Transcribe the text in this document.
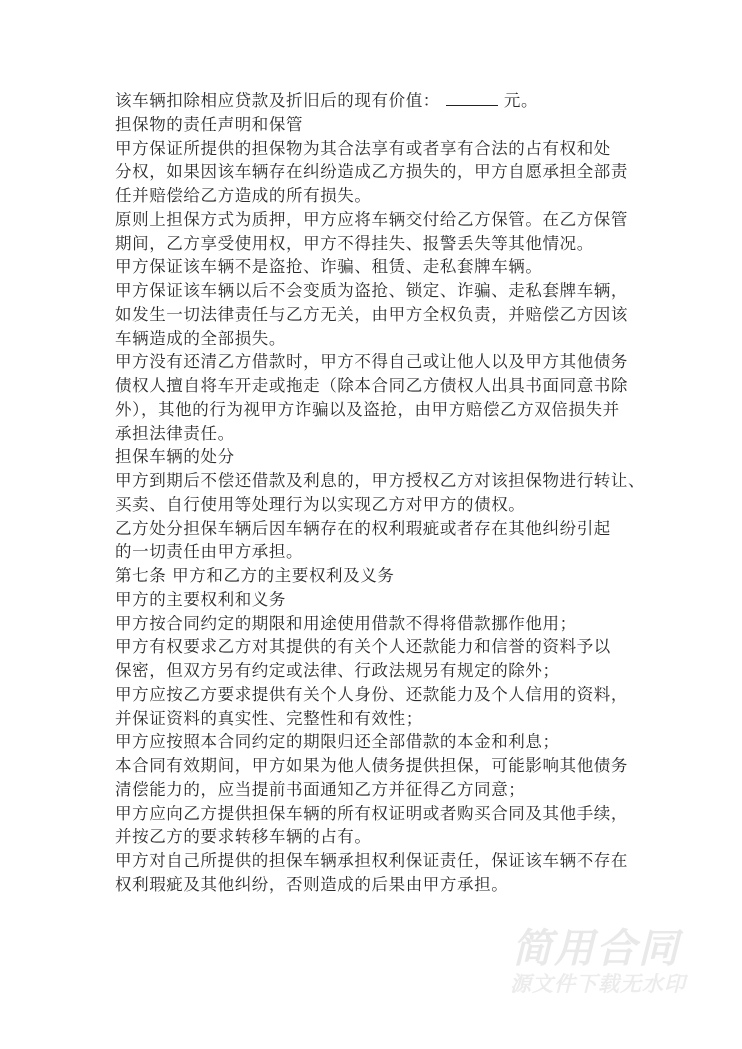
该车辆扣除相应贷款及折旧后的现有价值：	元。
担保物的责任声明和保管
甲方保证所提供的担保物为其合法享有或者享有合法的占有权和处
分权，如果因该车辆存在纠纷造成乙方损失的，甲方自愿承担全部责
任并赔偿给乙方造成的所有损失。
原则上担保方式为质押，甲方应将车辆交付给乙方保管。在乙方保管
期间，乙方享受使用权，甲方不得挂失、报警丢失等其他情况。
甲方保证该车辆不是盗抢、诈骗、租赁、走私套牌车辆。
甲方保证该车辆以后不会变质为盗抢、锁定、诈骗、走私套牌车辆，
如发生一切法律责任与乙方无关，由甲方全权负责，并赔偿乙方因该
车辆造成的全部损失。
甲方没有还清乙方借款时，甲方不得自己或让他人以及甲方其他债务
债权人擅自将车开走或拖走（除本合同乙方债权人出具书面同意书除
外），其他的行为视甲方诈骗以及盗抢，由甲方赔偿乙方双倍损失并
承担法律责任。
担保车辆的处分
甲方到期后不偿还借款及利息的，甲方授权乙方对该担保物进行转让、
买卖、自行使用等处理行为以实现乙方对甲方的债权。
乙方处分担保车辆后因车辆存在的权利瑕疵或者存在其他纠纷引起
的一切责任由甲方承担。
第七条 甲方和乙方的主要权利及义务
甲方的主要权利和义务
甲方按合同约定的期限和用途使用借款不得将借款挪作他用；
甲方有权要求乙方对其提供的有关个人还款能力和信誉的资料予以
保密，但双方另有约定或法律、行政法规另有规定的除外；
甲方应按乙方要求提供有关个人身份、还款能力及个人信用的资料，
并保证资料的真实性、完整性和有效性；
甲方应按照本合同约定的期限归还全部借款的本金和利息；
本合同有效期间，甲方如果为他人债务提供担保，可能影响其他债务
清偿能力的，应当提前书面通知乙方并征得乙方同意；
甲方应向乙方提供担保车辆的所有权证明或者购买合同及其他手续，
并按乙方的要求转移车辆的占有。
甲方对自己所提供的担保车辆承担权利保证责任，保证该车辆不存在
权利瑕疵及其他纠纷，否则造成的后果由甲方承担。
简用合同
源文件下载无水印
